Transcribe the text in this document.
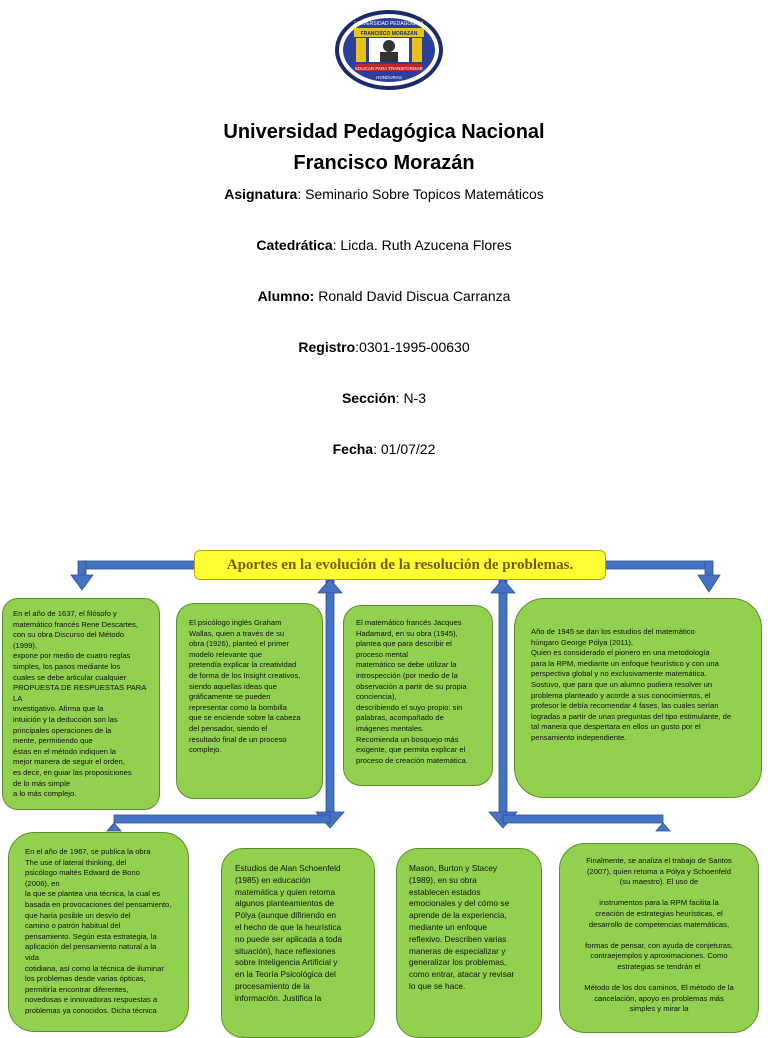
UNIVERSIDAD PEDAGÓGICA
FRANCISCO MORAZÁN
EDUCAR PARA TRANSFORMAR
HONDURAS
1956
Universidad Pedagógica Nacional
Francisco Morazán
Asignatura: Seminario Sobre Topicos Matemáticos
Catedrática: Licda. Ruth Azucena Flores
Alumno: Ronald David Discua Carranza
Registro:0301-1995-00630
Sección: N-3
Fecha: 01/07/22
Aportes en la evolución de la resolución de problemas.

En el año de 1637, el filósofo y
matemático francés Rene Descartes,
con su obra Discurso del Método
(1999),
expone por medio de cuatro reglas
simples, los pasos mediante los
cuales se debe articular cualquier
PROPUESTA DE RESPUESTAS PARA LA
investigativo. Afirma que la
intuición y la deducción son las
principales operaciones de la
mente, permitiendo que
éstas en el método indiquen la
mejor manera de seguir el orden,
es decir, en guiar las proposiciones
de lo más simple
a lo más complejo.

El psicólogo inglés Graham
Wallas, quien a través de su
obra (1926), planteó el primer
modelo relevante que
pretendía explicar la creatividad
de forma de los Insight creativos,
siendo aquellas ideas que
gráficamente se pueden
representar como la bombilla
que se enciende sobre la cabeza
del pensador, siendo el
resultado final de un proceso
complejo.

El matemático francés Jacques
Hadamard, en su obra (1945),
plantea que para describir el
proceso mental
matemático se debe utilizar la
introspección (por medio de la
observación a partir de su propia
conciencia),
describiendo el suyo propio: sin
palabras, acompañado de
imágenes mentales.
Recomienda un bosquejo más
exigente, que permita explicar el
proceso de creación matemática.

Año de 1945 se dan los estudios del matemático
húngaro George Pólya (2011),
Quien es considerado el pionero en una metodología
para la RPM, mediante un enfoque heurístico y con una
perspectiva global y no exclusivamente matemática.
Sostuvo, que para que un alumno pudiera resolver un
problema planteado y acorde a sus conocimientos, el
profesor le debía recomendar 4 fases, las cuales serían
logradas a partir de unas preguntas del tipo estimulante, de
tal manera que despertara en ellos un gusto por el
pensamiento independiente.

En el año de 1967, se publica la obra
The use of lateral thinking, del
psicólogo maltés Edward de Bono
(2006), en
la que se plantea una técnica, la cual es
basada en provocaciones del pensamiento,
que haría posible un desvío del
camino o patrón habitual del
pensamiento. Según esta estrategia, la
aplicación del pensamiento natural a la
vida
cotidiana, así como la técnica de iluminar
los problemas desde varias ópticas,
permitiría encontrar diferentes,
novedosas e innovadoras respuestas a
problemas ya conocidos. Dicha técnica

Estudios de Alan Schoenfeld
(1985) en educación
matemática y quien retoma
algunos planteamientos de
Pólya (aunque difiriendo en
el hecho de que la heurística
no puede ser aplicada a toda
situación), hace reflexiones
sobre Inteligencia Artificial y
en la Teoría Psicológica del
procesamiento de la
información. Justifica la

Mason, Burton y Stacey
(1989), en su obra
establecen estados
emocionales y del cómo se
aprende de la experiencia,
mediante un enfoque
reflexivo. Describen varias
maneras de especializar y
generalizar los problemas,
como entrar, atacar y revisar
lo que se hace.

Finalmente, se analiza el trabajo de Santos
(2007), quien retoma a Pólya y Schoenfeld
(su maestro). El uso de

instrumentos para la RPM facilita la
creación de estrategias heurísticas, el
desarrollo de competencias matemáticas,

formas de pensar, con ayuda de conjeturas,
contraejemplos y aproximaciones. Como
estrategias se tendrán el

Método de los dos caminos, El método de la
cancelación, apoyo en problemas más
simples y mirar la
